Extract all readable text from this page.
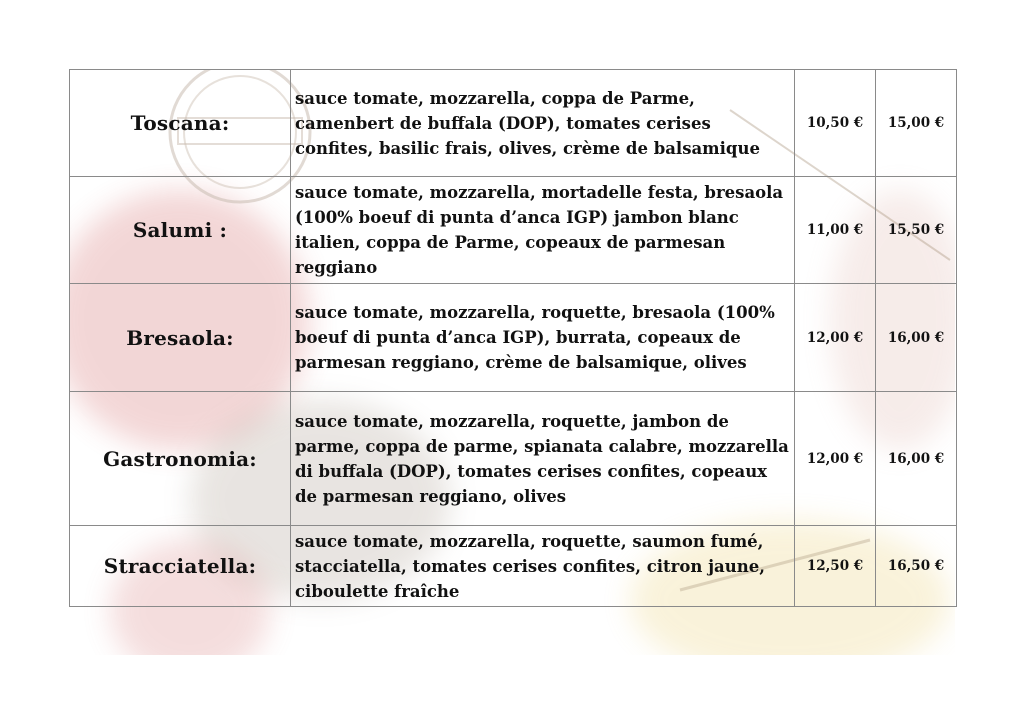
Toscana:	sauce tomate, mozzarella, coppa de Parme, camenbert de buffala (DOP), tomates cerises confites, basilic frais, olives, crème de balsamique	10,50 €	15,00 €
Salumi :	sauce tomate, mozzarella, mortadelle festa, bresaola (100% boeuf di punta d’anca IGP) jambon blanc italien, coppa de Parme, copeaux de parmesan reggiano	11,00 €	15,50 €
Bresaola:	sauce tomate, mozzarella, roquette, bresaola (100% boeuf di punta d’anca IGP), burrata, copeaux de parmesan reggiano, crème de balsamique, olives	12,00 €	16,00 €
Gastronomia:	sauce tomate, mozzarella, roquette, jambon de parme, coppa de parme, spianata calabre, mozzarella di buffala (DOP), tomates cerises confites, copeaux de parmesan reggiano, olives	12,00 €	16,00 €
Stracciatella:	sauce tomate, mozzarella, roquette, saumon fumé, stacciatella, tomates cerises confites, citron jaune, ciboulette fraîche	12,50 €	16,50 €
